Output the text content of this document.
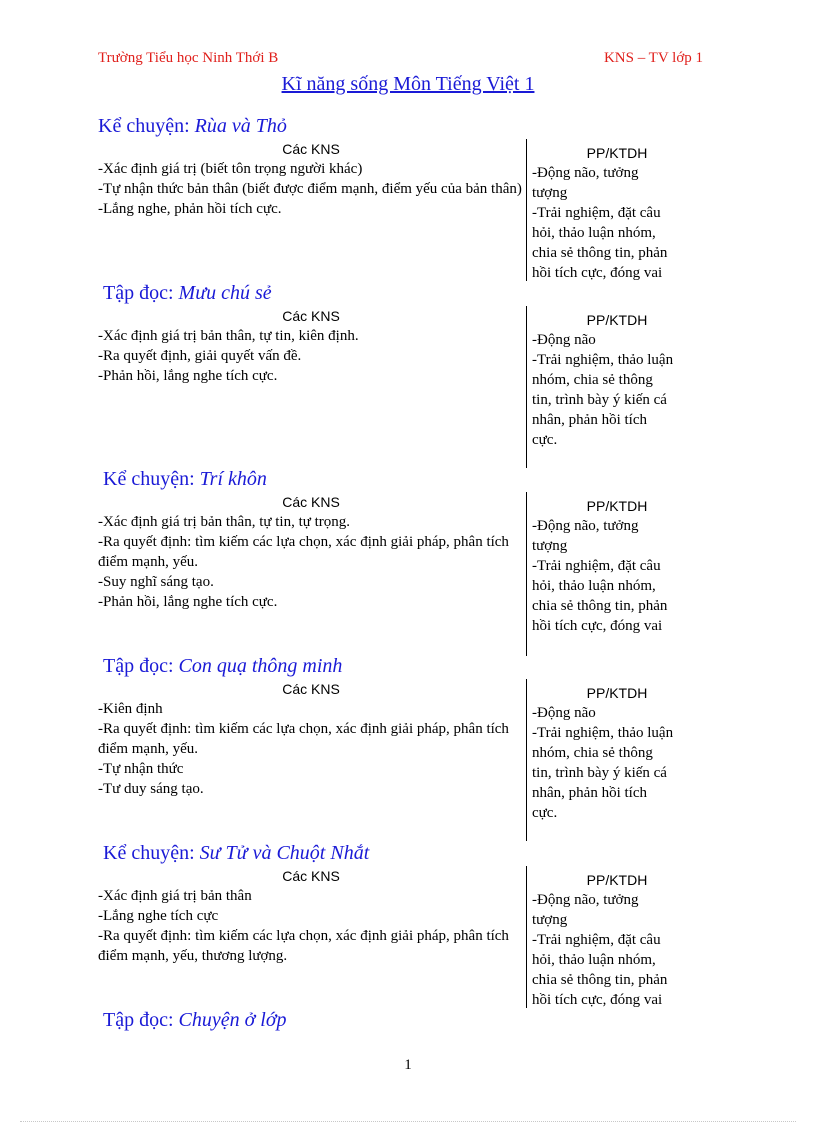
Trường Tiểu học Ninh Thới B	KNS – TV lớp 1
Kĩ năng sống Môn Tiếng Việt 1
Kể chuyện: Rùa và Thỏ
Các KNS
-Xác định giá trị (biết tôn trọng người khác)
-Tự nhận thức bản thân (biết được điểm mạnh, điểm yếu của bản thân)
-Lắng nghe, phản hồi tích cực.
PP/KTDH
-Động não, tưởng
tượng
-Trải nghiệm, đặt câu
hỏi, thảo luận nhóm,
chia sẻ thông tin, phản
hồi tích cực, đóng vai
Tập đọc: Mưu chú sẻ
Các KNS
-Xác định giá trị bản thân, tự tin, kiên định.
-Ra quyết định, giải quyết vấn đề.
-Phản hồi, lắng nghe tích cực.
PP/KTDH
-Động não
-Trải nghiệm, thảo luận
nhóm, chia sẻ thông
tin, trình bày ý kiến cá
nhân, phản hồi tích
cực.
Kể chuyện: Trí khôn
Các KNS
-Xác định giá trị bản thân, tự tin, tự trọng.
-Ra quyết định: tìm kiếm các lựa chọn, xác định giải pháp, phân tích điểm mạnh, yếu.
-Suy nghĩ sáng tạo.
-Phản hồi, lắng nghe tích cực.
PP/KTDH
-Động não, tưởng
tượng
-Trải nghiệm, đặt câu
hỏi, thảo luận nhóm,
chia sẻ thông tin, phản
hồi tích cực, đóng vai
Tập đọc: Con quạ thông minh
Các KNS
-Kiên định
-Ra quyết định: tìm kiếm các lựa chọn, xác định giải pháp, phân tích điểm mạnh, yếu.
-Tự nhận thức
-Tư duy sáng tạo.
PP/KTDH
-Động não
-Trải nghiệm, thảo luận
nhóm, chia sẻ thông
tin, trình bày ý kiến cá
nhân, phản hồi tích
cực.
Kể chuyện: Sư Tử và Chuột Nhắt
Các KNS
-Xác định giá trị bản thân
-Lắng nghe tích cực
-Ra quyết định: tìm kiếm các lựa chọn, xác định giải pháp, phân tích điểm mạnh, yếu, thương lượng.
PP/KTDH
-Động não, tưởng
tượng
-Trải nghiệm, đặt câu
hỏi, thảo luận nhóm,
chia sẻ thông tin, phản
hồi tích cực, đóng vai
Tập đọc: Chuyện ở lớp
1
